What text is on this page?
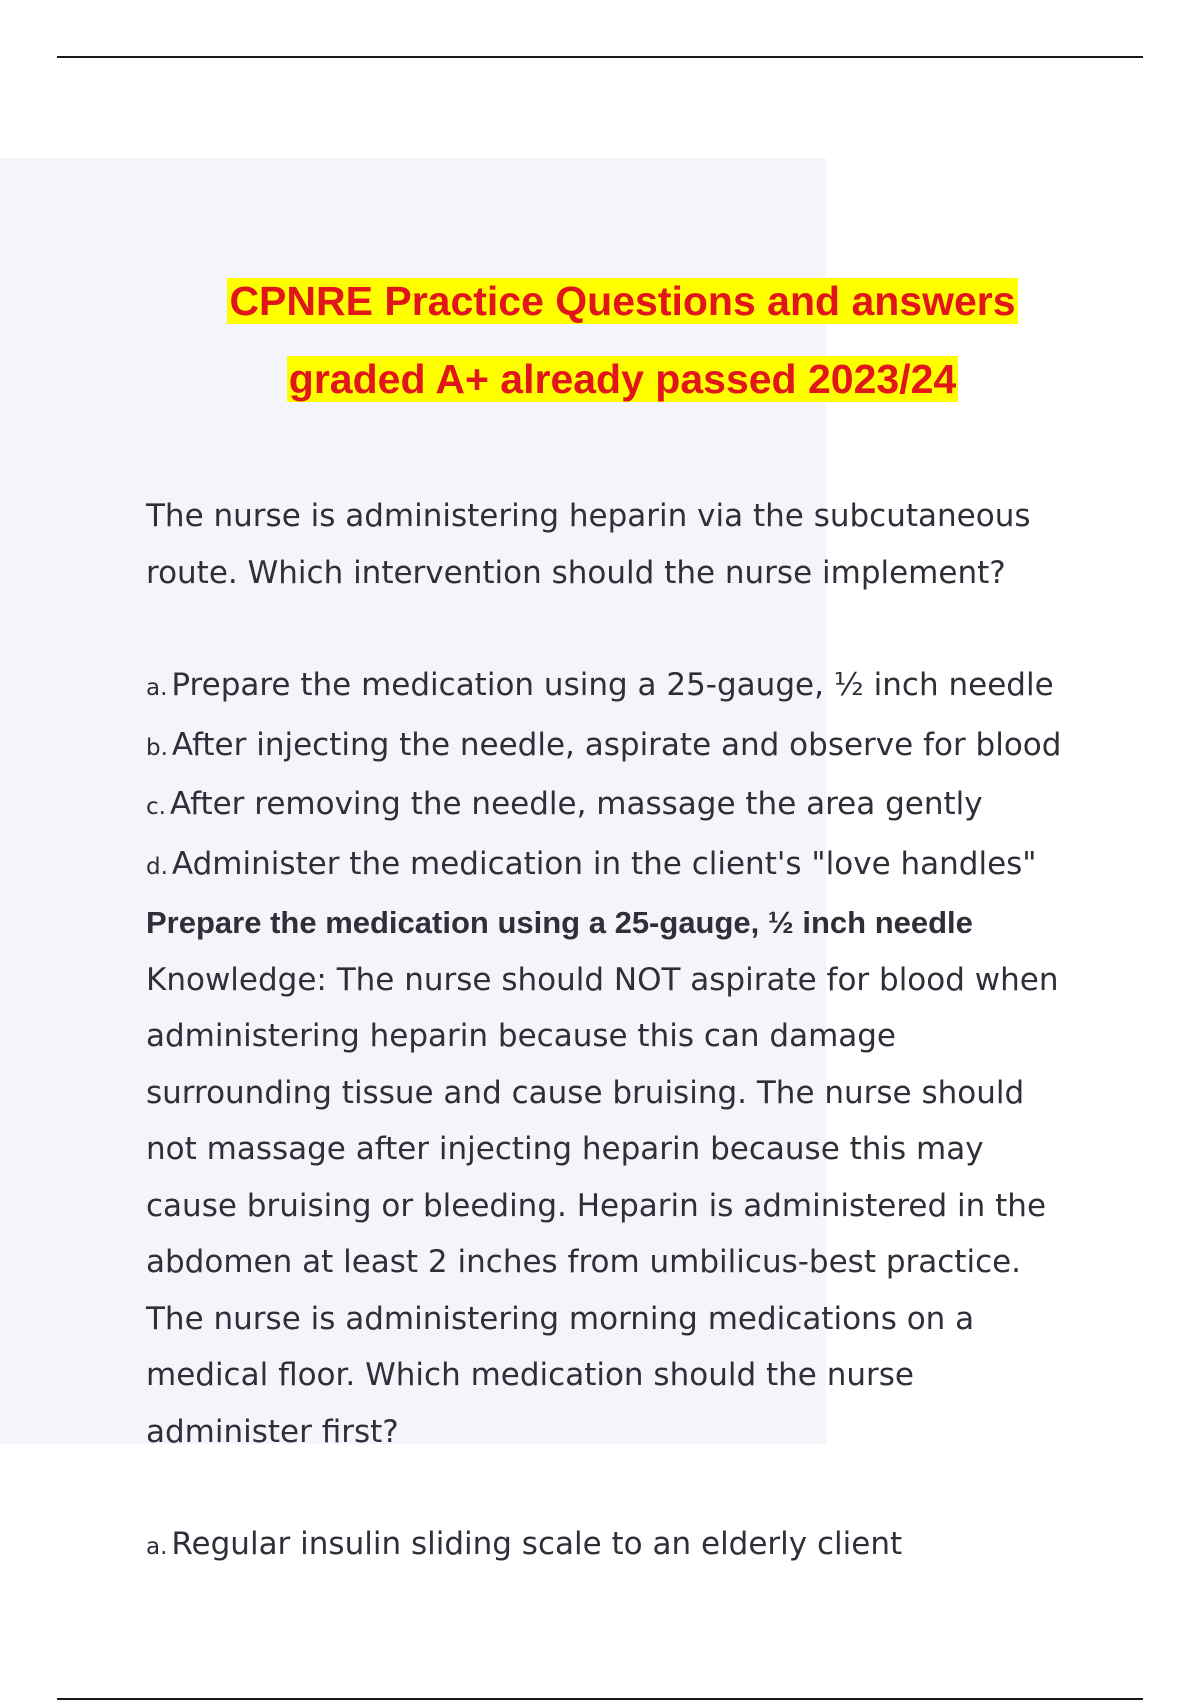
CPNRE Practice Questions and answers
graded A+ already passed 2023/24

The nurse is administering heparin via the subcutaneous

route. Which intervention should the nurse implement?

a. Prepare the medication using a 25-gauge, ½ inch needle

b. After injecting the needle, aspirate and observe for blood

c. After removing the needle, massage the area gently

d. Administer the medication in the client's "love handles"

Prepare the medication using a 25-gauge, ½ inch needle

Knowledge: The nurse should NOT aspirate for blood when

administering heparin because this can damage

surrounding tissue and cause bruising. The nurse should

not massage after injecting heparin because this may

cause bruising or bleeding. Heparin is administered in the

abdomen at least 2 inches from umbilicus-best practice.

The nurse is administering morning medications on a

medical floor. Which medication should the nurse

administer first?

a. Regular insulin sliding scale to an elderly client
